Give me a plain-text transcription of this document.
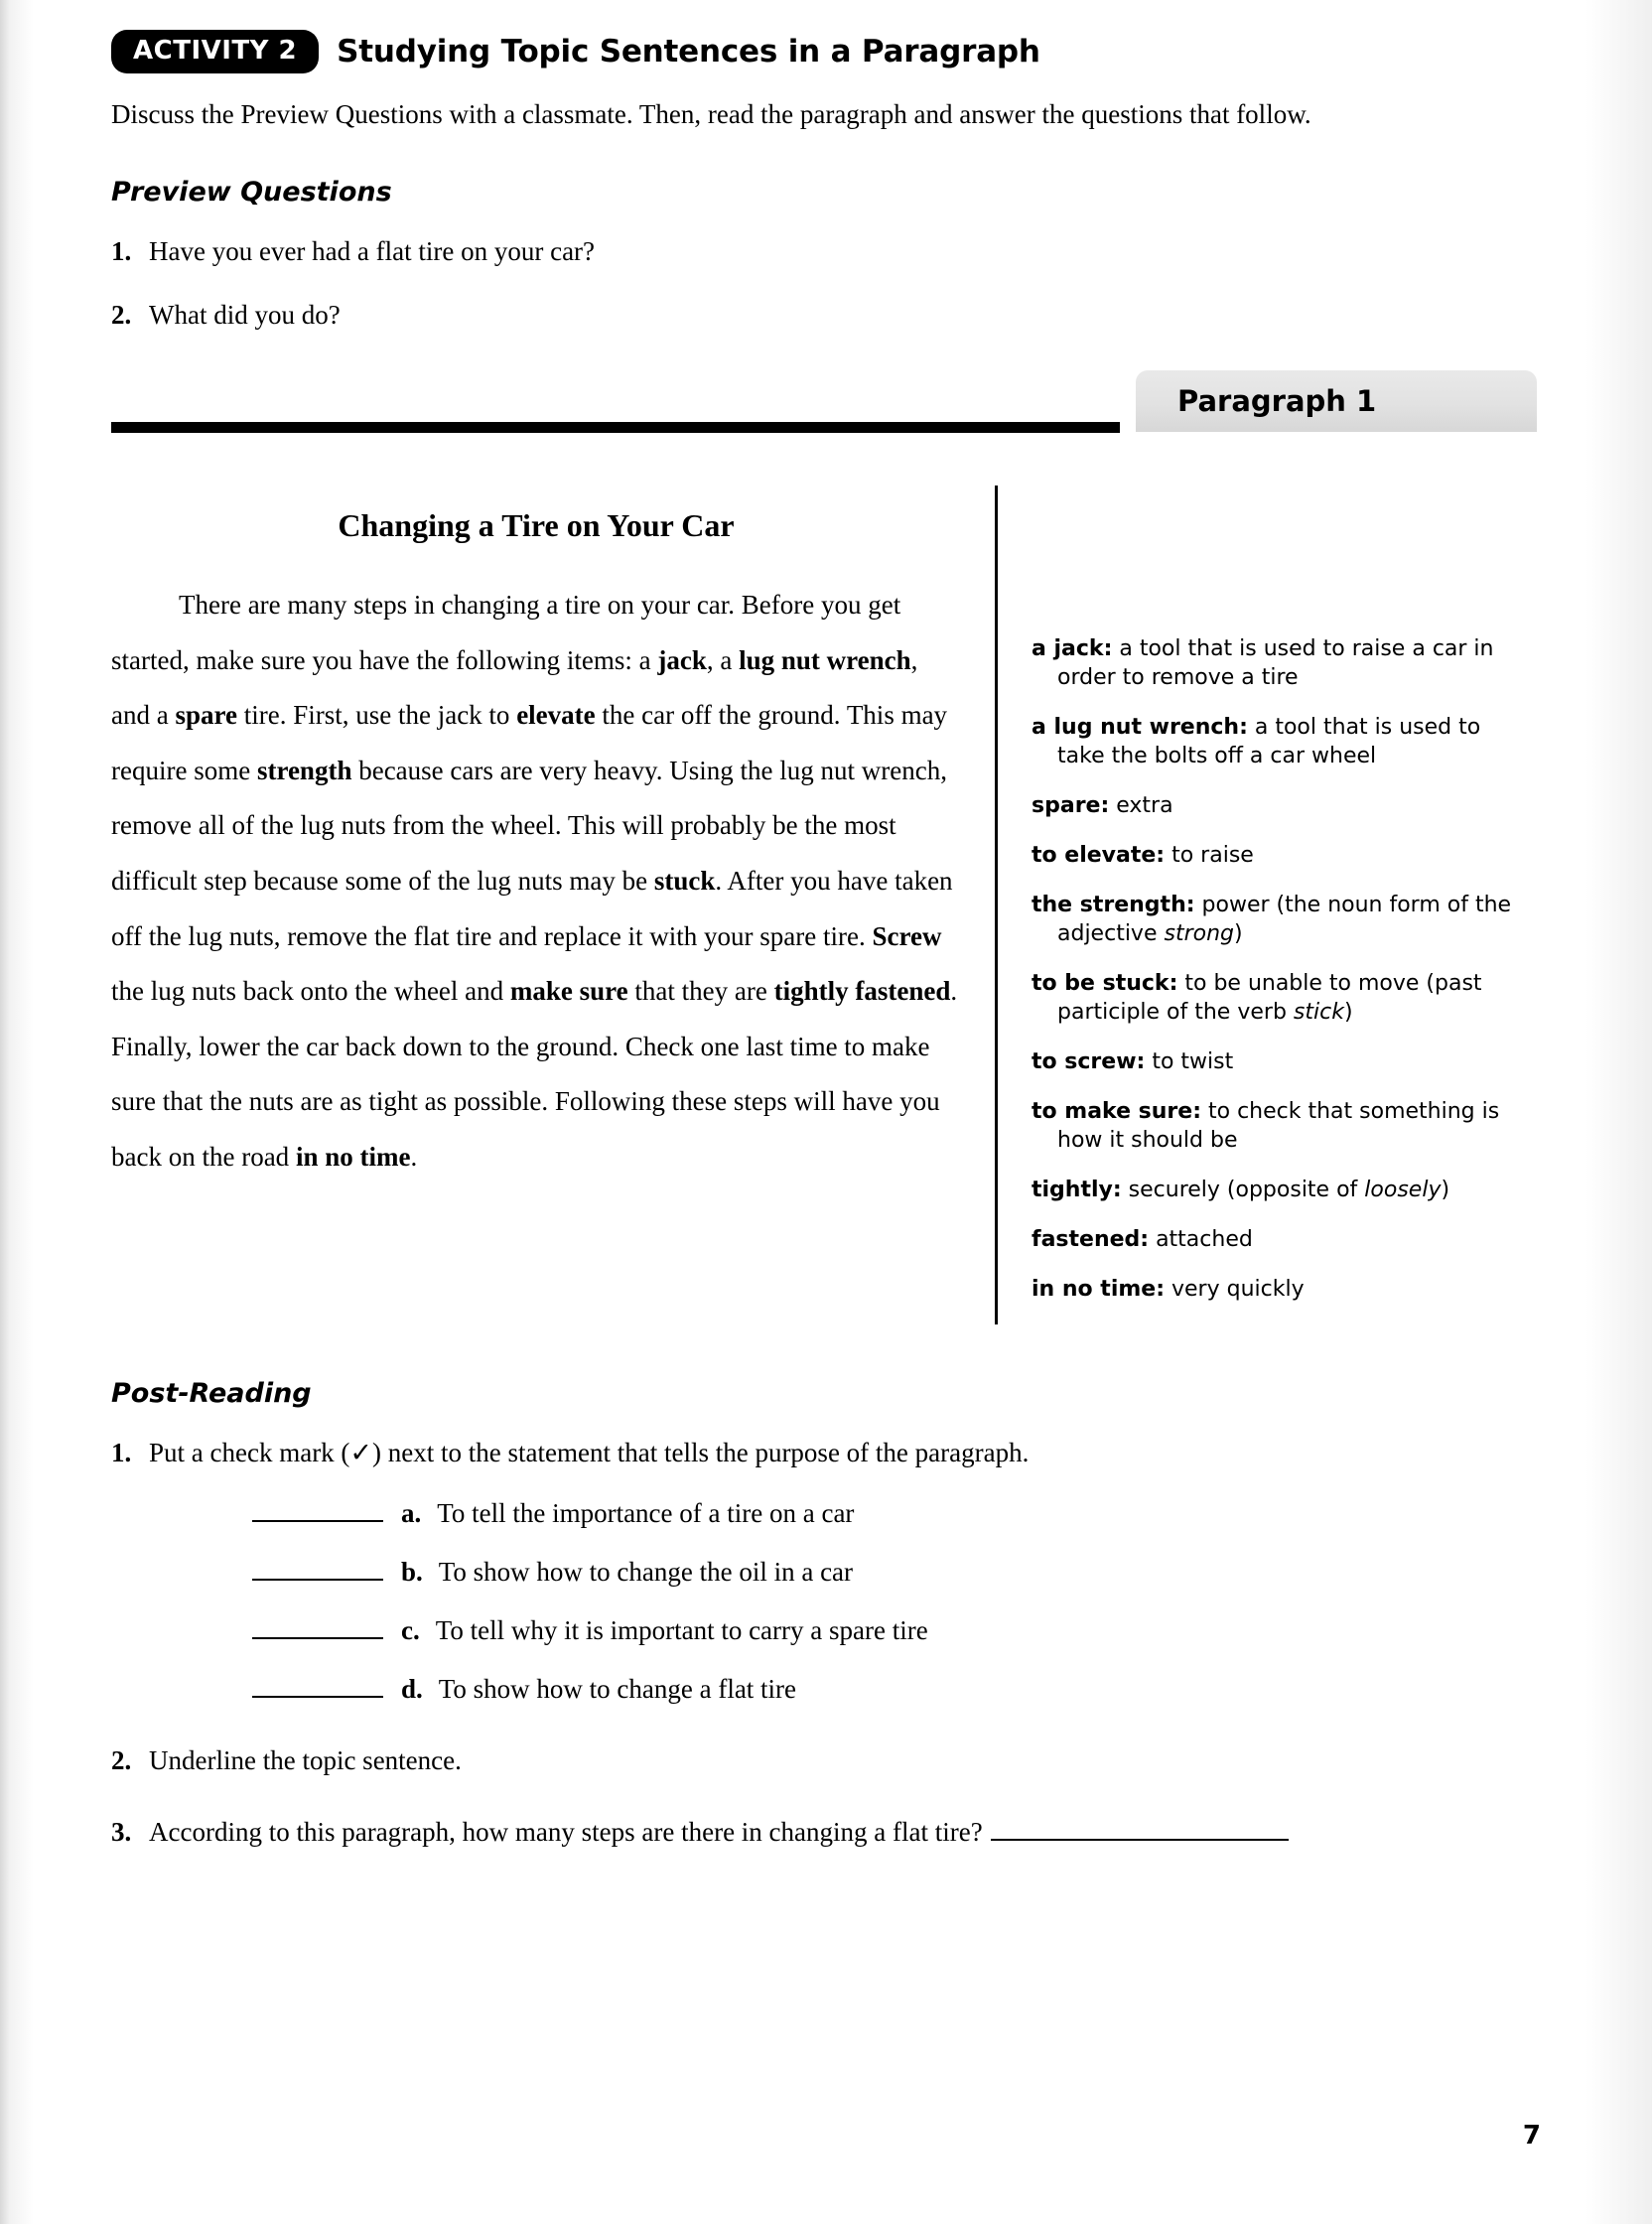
ACTIVITY 2	Studying Topic Sentences in a Paragraph

Discuss the Preview Questions with a classmate. Then, read the paragraph and answer the questions that follow.

Preview Questions
1. Have you ever had a flat tire on your car?
2. What did you do?
Paragraph 1
Changing a Tire on Your Car

There are many steps in changing a tire on your car. Before you get started, make sure you have the following items: a jack, a lug nut wrench, and a spare tire. First, use the jack to elevate the car off the ground. This may require some strength because cars are very heavy. Using the lug nut wrench, remove all of the lug nuts from the wheel. This will probably be the most difficult step because some of the lug nuts may be stuck. After you have taken off the lug nuts, remove the flat tire and replace it with your spare tire. Screw the lug nuts back onto the wheel and make sure that they are tightly fastened. Finally, lower the car back down to the ground. Check one last time to make sure that the nuts are as tight as possible. Following these steps will have you back on the road in no time.

a jack: a tool that is used to raise a car in order to remove a tire
a lug nut wrench: a tool that is used to take the bolts off a car wheel
spare: extra
to elevate: to raise
the strength: power (the noun form of the adjective strong)
to be stuck: to be unable to move (past participle of the verb stick)
to screw: to twist
to make sure: to check that something is how it should be
tightly: securely (opposite of loosely)
fastened: attached
in no time: very quickly
Post-Reading
1. Put a check mark (✓) next to the statement that tells the purpose of the paragraph.
a. To tell the importance of a tire on a car
b. To show how to change the oil in a car
c. To tell why it is important to carry a spare tire
d. To show how to change a flat tire
2. Underline the topic sentence.
3. According to this paragraph, how many steps are there in changing a flat tire?
7
